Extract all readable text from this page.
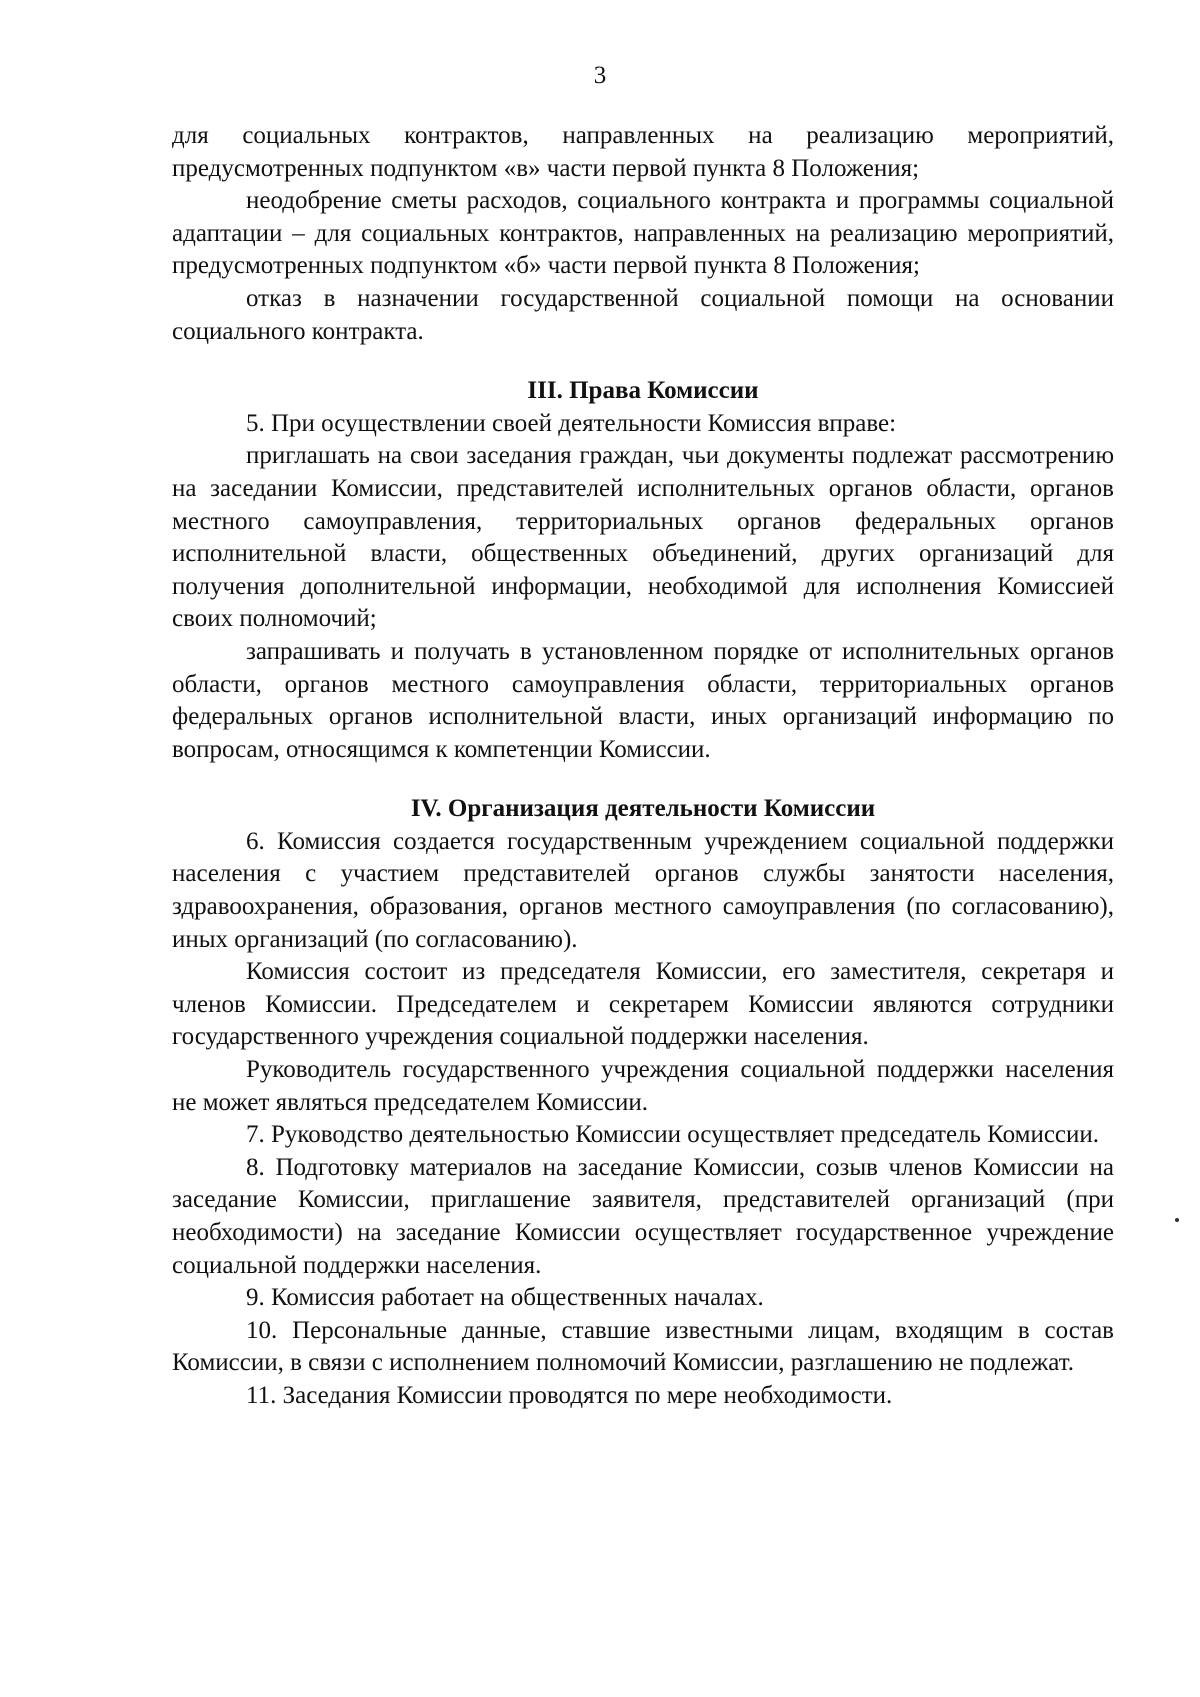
3

для социальных контрактов, направленных на реализацию мероприятий, предусмотренных подпунктом «в» части первой пункта 8 Положения;

неодобрение сметы расходов, социального контракта и программы социальной адаптации – для социальных контрактов, направленных на реализацию мероприятий, предусмотренных подпунктом «б» части первой пункта 8 Положения;

отказ в назначении государственной социальной помощи на основании социального контракта.

III. Права Комиссии

5. При осуществлении своей деятельности Комиссия вправе:

приглашать на свои заседания граждан, чьи документы подлежат рассмотрению на заседании Комиссии, представителей исполнительных органов области, органов местного самоуправления, территориальных органов федеральных органов исполнительной власти, общественных объединений, других организаций для получения дополнительной информации, необходимой для исполнения Комиссией своих полномочий;

запрашивать и получать в установленном порядке от исполнительных органов области, органов местного самоуправления области, территориальных органов федеральных органов исполнительной власти, иных организаций информацию по вопросам, относящимся к компетенции Комиссии.

IV. Организация деятельности Комиссии

6. Комиссия создается государственным учреждением социальной поддержки населения с участием представителей органов службы занятости населения, здравоохранения, образования, органов местного самоуправления (по согласованию), иных организаций (по согласованию).

Комиссия состоит из председателя Комиссии, его заместителя, секретаря и членов Комиссии. Председателем и секретарем Комиссии являются сотрудники государственного учреждения социальной поддержки населения.

Руководитель государственного учреждения социальной поддержки населения не может являться председателем Комиссии.

7. Руководство деятельностью Комиссии осуществляет председатель Комиссии.

8. Подготовку материалов на заседание Комиссии, созыв членов Комиссии на заседание Комиссии, приглашение заявителя, представителей организаций (при необходимости) на заседание Комиссии осуществляет государственное учреждение социальной поддержки населения.

9. Комиссия работает на общественных началах.

10. Персональные данные, ставшие известными лицам, входящим в состав Комиссии, в связи с исполнением полномочий Комиссии, разглашению не подлежат.

11. Заседания Комиссии проводятся по мере необходимости.
